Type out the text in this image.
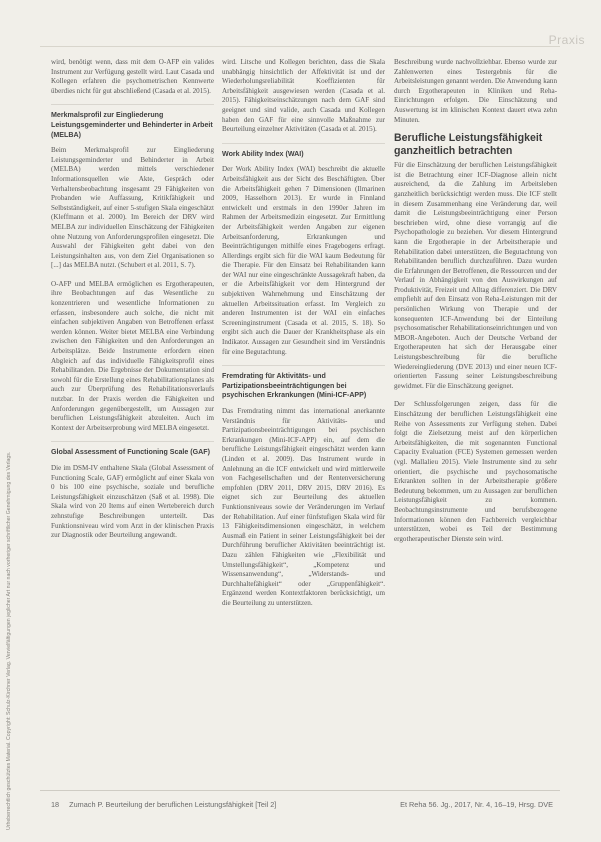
Praxis
Urheberrechtlich geschütztes Material. Copyright: Schulz-Kirchner Verlag. Vervielfältigungen jeglicher Art nur nach vorheriger schriftlicher Genehmigung des Verlags.

wird, benötigt wenn, dass mit dem O-AFP ein valides Instrument zur Verfügung gestellt wird. Laut Casada und Kollegen erfahren die psychometrischen Kennwerte überdies nicht für gut abschließend (Casada et al. 2015).

Merkmalsprofil zur Eingliederung Leistungsgeminderter und Behinderter in Arbeit (MELBA)

Beim Merkmalsprofil zur Eingliederung Leistungsgeminderter und Behinderter in Arbeit (MELBA) werden mittels verschiedener Informationsquellen wie Akte, Gespräch oder Verhaltensbeobachtung insgesamt 29 Fähigkeiten von Probanden wie Auffassung, Kritikfähigkeit und Selbstständigkeit, auf einer 5-stufigen Skala eingeschätzt (Kleffmann et al. 2000). Im Bereich der DRV wird MELBA zur individuellen Einschätzung der Fähigkeiten ohne Nutzung von Anforderungsprofilen eingesetzt. Die Auswahl der Fähigkeiten geht dabei von den Leistungsinhalten aus, von dem Ziel Organisationen so [...] das MELBA nutzt. (Schubert et al. 2011, S. 7).

O-AFP und MELBA ermöglichen es Ergotherapeuten, ihre Beobachtungen auf das Wesentliche zu konzentrieren und wesentliche Informationen zu erfassen, insbesondere auch solche, die nicht mit einfachen subjektiven Angaben von Betroffenen erfasst werden können. Weiter bietet MELBA eine Verbindung zwischen den Fähigkeiten und den Anforderungen an Arbeitsplätze. Beide Instrumente erfordern einen Abgleich auf das individuelle Fähigkeitsprofil eines Rehabilitanden. Die Ergebnisse der Dokumentation sind sowohl für die Erstellung eines Rehabilitationsplanes als auch zur Überprüfung des Rehabilitationsverlaufs nutzbar. In der Praxis werden die Fähigkeiten und Anforderungen gegenübergestellt, um Aussagen zur beruflichen Leistungsfähigkeit abzuleiten. Auch im Kontext der Arbeitserprobung wird MELBA eingesetzt.

Global Assessment of Functioning Scale (GAF)

Die im DSM-IV enthaltene Skala (Global Assessment of Functioning Scale, GAF) ermöglicht auf einer Skala von 0 bis 100 eine psychische, soziale und berufliche Leistungsfähigkeit einzuschätzen (Saß et al. 1998). Die Skala wird von 20 Items auf einen Wertebereich durch zehnstufige Beschreibungen unterteilt. Das Funktionsniveau wird vom Arzt in der klinischen Praxis zur Diagnostik oder Beurteilung angewandt.

wird. Litsche und Kollegen berichten, dass die Skala unabhängig hinsichtlich der Affektivität ist und der Wiederholungsreliabilität Koeffizienten für Arbeitsfähigkeit ausgewiesen werden (Casada et al. 2015). Fähigkeitseinschätzungen nach dem GAF sind geeignet und sind valide, auch Casada und Kollegen haben den GAF für eine sinnvolle Maßnahme zur Beurteilung einzelner Aktivitäten (Casada et al. 2015).

Work Ability Index (WAI)

Der Work Ability Index (WAI) beschreibt die aktuelle Arbeitsfähigkeit aus der Sicht des Beschäftigten. Über die Arbeitsfähigkeit gehen 7 Dimensionen (Ilmarinen 2009, Hasselhorn 2013). Er wurde in Finnland entwickelt und erstmals in den 1990er Jahren im Rahmen der Arbeitsmedizin eingesetzt. Zur Ermittlung der Arbeitsfähigkeit werden Angaben zur eigenen Arbeitsanforderung, Erkrankungen und Beeinträchtigungen mithilfe eines Fragebogens erfragt. Allerdings ergibt sich für die WAI kaum Bedeutung für die Therapie. Für den Einsatz bei Rehabilitanden kann der WAI nur eine eingeschränkte Aussagekraft haben, da er die Arbeitsfähigkeit vor dem Hintergrund der subjektiven Wahrnehmung und Einschätzung der aktuellen Arbeitssituation erfasst. Im Vergleich zu anderen Instrumenten ist der WAI ein einfaches Screeninginstrument (Casada et al. 2015, S. 18). So ergibt sich auch die Dauer der Krankheitsphase als ein Indikator. Aussagen zur Gesundheit sind im Verständnis für eine Begutachtung.

Fremdrating für Aktivitäts- und Partizipationsbeeinträchtigungen bei psychischen Erkrankungen (Mini-ICF-APP)

Das Fremdrating nimmt das international anerkannte Verständnis für Aktivitäts- und Partizipationsbeeinträchtigungen bei psychischen Erkrankungen (Mini-ICF-APP) ein, auf dem die berufliche Leistungsfähigkeit eingeschätzt werden kann (Linden et al. 2009). Das Instrument wurde in Anlehnung an die ICF entwickelt und wird mittlerweile von Fachgesellschaften und der Rentenversicherung empfohlen (DRV 2011, DRV 2015, DRV 2016). Es eignet sich zur Beurteilung des aktuellen Funktionsniveaus sowie der Veränderungen im Verlauf der Rehabilitation. Auf einer fünfstufigen Skala wird für 13 Fähigkeitsdimensionen eingeschätzt, in welchem Ausmaß ein Patient in seiner Leistungsfähigkeit bei der Durchführung beruflicher Aktivitäten beeinträchtigt ist. Dazu zählen Fähigkeiten wie „Flexibilität und Umstellungsfähigkeit“, „Kompetenz und Wissensanwendung“, „Widerstands- und Durchhaltefähigkeit“ oder „Gruppenfähigkeit“. Ergänzend werden Kontextfaktoren berücksichtigt, um die Beurteilung zu unterstützen.

Beschreibung wurde nachvollziehbar. Ebenso wurde zur Zahlenwerten eines Testergebnis für die Arbeitsleistungen genannt werden. Die Anwendung kann durch Ergotherapeuten in Kliniken und Reha-Einrichtungen erfolgen. Die Einschätzung und Auswertung ist im klinischen Kontext dauert etwa zehn Minuten.

Berufliche Leistungsfähigkeit ganzheitlich betrachten

Für die Einschätzung der beruflichen Leistungsfähigkeit ist die Betrachtung einer ICF-Diagnose allein nicht ausreichend, da die Zahlung im Arbeitsleben ganzheitlich berücksichtigt werden muss. Die ICF stellt in diesem Zusammenhang eine Veränderung dar, weil damit die Leistungsbeeinträchtigung einer Person beschrieben wird, ohne diese vorrangig auf die Psychopathologie zu beziehen. Vor diesem Hintergrund kann die Ergotherapie in der Arbeitstherapie und Rehabilitation dabei unterstützen, die Begutachtung von Rehabilitanden beruflich durchzuführen. Dazu wurden die Erfahrungen der Betroffenen, die Ressourcen und der Verlauf in Abhängigkeit von den Auswirkungen auf Produktivität, Freizeit und Alltag differenziert. Die DRV empfiehlt auf den Einsatz von Reha-Leistungen mit der persönlichen Wirkung von Therapie und der konsequenten ICF-Anwendung bei der Einteilung psychosomatischer Rehabilitationseinrichtungen und von MBOR-Angeboten. Auch der Deutsche Verband der Ergotherapeuten hat sich der Herausgabe einer Leistungsbeschreibung für die berufliche Wiedereingliederung (DVE 2013) und einer neuen ICF-orientierten Fassung seiner Leistungsbeschreibung gewidmet. Für die Einschätzung geeignet.

Der Schlussfolgerungen zeigen, dass für die Einschätzung der beruflichen Leistungsfähigkeit eine Reihe von Assessments zur Verfügung stehen. Dabei folgt die Zielsetzung meist auf den körperlichen Arbeitsfähigkeiten, die mit sogenannten Functional Capacity Evaluation (FCE) Systemen gemessen werden (vgl. Mallalieu 2015). Viele Instrumente sind zu sehr orientiert, die psychische und psychosomatische Erkrankten sollten in der Arbeitstherapie größere Bedeutung bekommen, um zu Aussagen zur beruflichen Leistungsfähigkeit zu kommen. Beobachtungsinstrumente und berufsbezogene Informationen können den Fachbereich vergleichbar unterstützen, wobei es Teil der Bestimmung ergotherapeutischer Dienste sein wird.

18 Zumach P. Beurteilung der beruflichen Leistungsfähigkeit [Teil 2]	Et Reha 56. Jg., 2017, Nr. 4, 16–19, Hrsg. DVE
